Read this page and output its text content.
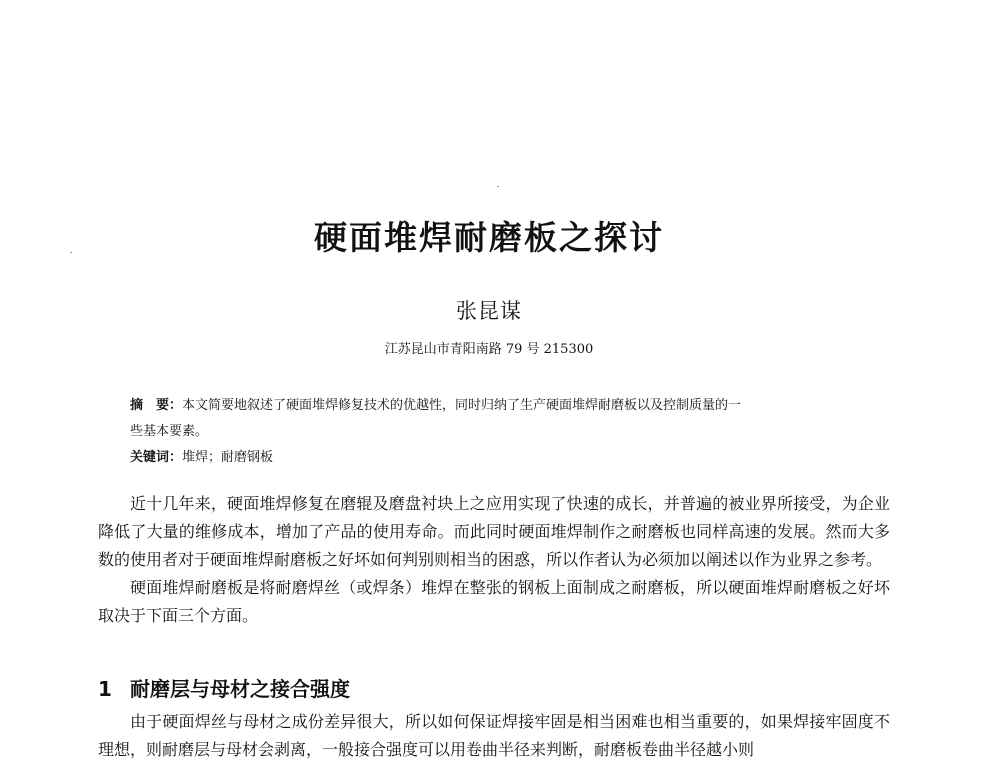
硬面堆焊耐磨板之探讨
张昆谋
江苏昆山市青阳南路 79 号 215300
摘　要：本文简要地叙述了硬面堆焊修复技术的优越性，同时归纳了生产硬面堆焊耐磨板以及控制质量的一
些基本要素。
关键词：堆焊；耐磨钢板

近十几年来，硬面堆焊修复在磨辊及磨盘衬块上之应用实现了快速的成长，并普遍的被业界所接受，为企业降低了大量的维修成本，增加了产品的使用寿命。而此同时硬面堆焊制作之耐磨板也同样高速的发展。然而大多数的使用者对于硬面堆焊耐磨板之好坏如何判别则相当的困惑，所以作者认为必须加以阐述以作为业界之参考。

硬面堆焊耐磨板是将耐磨焊丝（或焊条）堆焊在整张的钢板上面制成之耐磨板，所以硬面堆焊耐磨板之好坏取决于下面三个方面。

1 耐磨层与母材之接合强度

由于硬面焊丝与母材之成份差异很大，所以如何保证焊接牢固是相当困难也相当重要的，如果焊接牢固度不理想，则耐磨层与母材会剥离，一般接合强度可以用卷曲半径来判断，耐磨板卷曲半径越小则
